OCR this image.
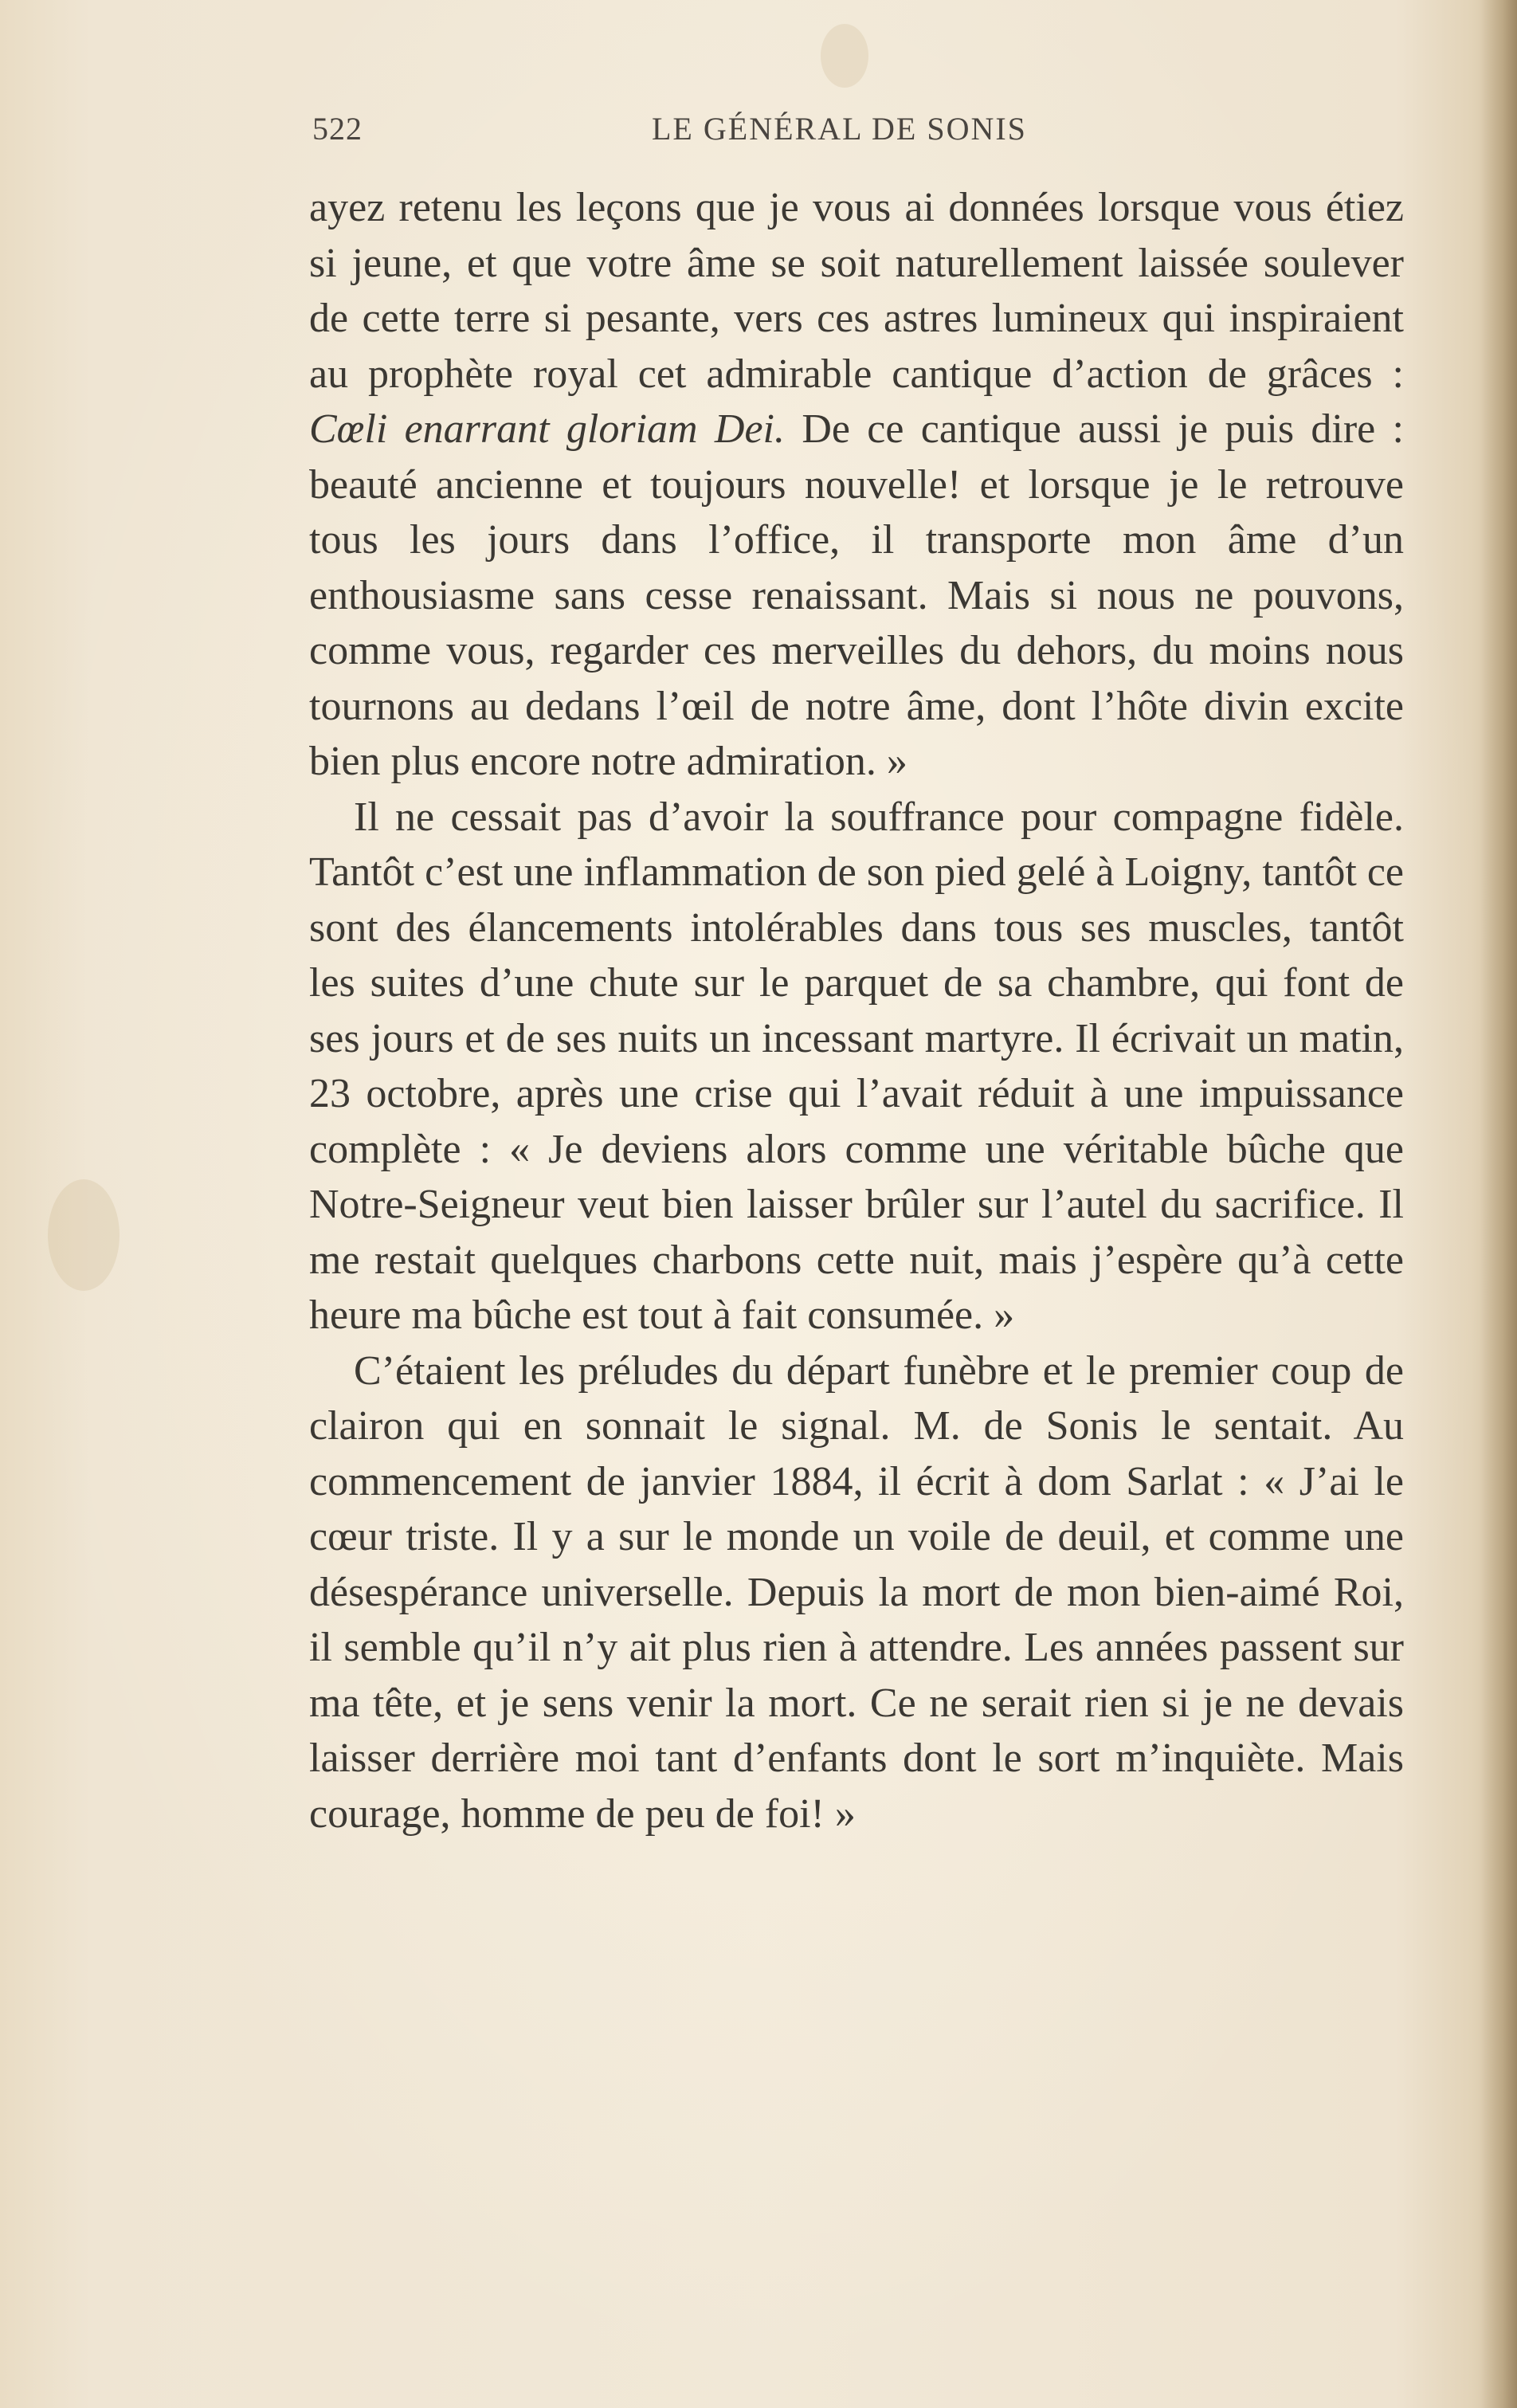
522	LE GÉNÉRAL DE SONIS

ayez retenu les leçons que je vous ai données lorsque vous étiez si jeune, et que votre âme se soit naturellement laissée soulever de cette terre si pesante, vers ces astres lumineux qui inspiraient au prophète royal cet admirable cantique d’action de grâces : Cœli enarrant gloriam Dei. De ce cantique aussi je puis dire : beauté ancienne et toujours nouvelle! et lorsque je le retrouve tous les jours dans l’office, il transporte mon âme d’un enthousiasme sans cesse renaissant. Mais si nous ne pouvons, comme vous, regarder ces merveilles du dehors, du moins nous tournons au dedans l’œil de notre âme, dont l’hôte divin excite bien plus encore notre admiration. »

Il ne cessait pas d’avoir la souffrance pour compagne fidèle. Tantôt c’est une inflammation de son pied gelé à Loigny, tantôt ce sont des élancements intolérables dans tous ses muscles, tantôt les suites d’une chute sur le parquet de sa chambre, qui font de ses jours et de ses nuits un incessant martyre. Il écrivait un matin, 23 octobre, après une crise qui l’avait réduit à une impuissance complète : « Je deviens alors comme une véritable bûche que Notre-Seigneur veut bien laisser brûler sur l’autel du sacrifice. Il me restait quelques charbons cette nuit, mais j’espère qu’à cette heure ma bûche est tout à fait consumée. »

C’étaient les préludes du départ funèbre et le premier coup de clairon qui en sonnait le signal. M. de Sonis le sentait. Au commencement de janvier 1884, il écrit à dom Sarlat : « J’ai le cœur triste. Il y a sur le monde un voile de deuil, et comme une désespérance universelle. Depuis la mort de mon bien-aimé Roi, il semble qu’il n’y ait plus rien à attendre. Les années passent sur ma tête, et je sens venir la mort. Ce ne serait rien si je ne devais laisser derrière moi tant d’enfants dont le sort m’inquiète. Mais courage, homme de peu de foi! »
